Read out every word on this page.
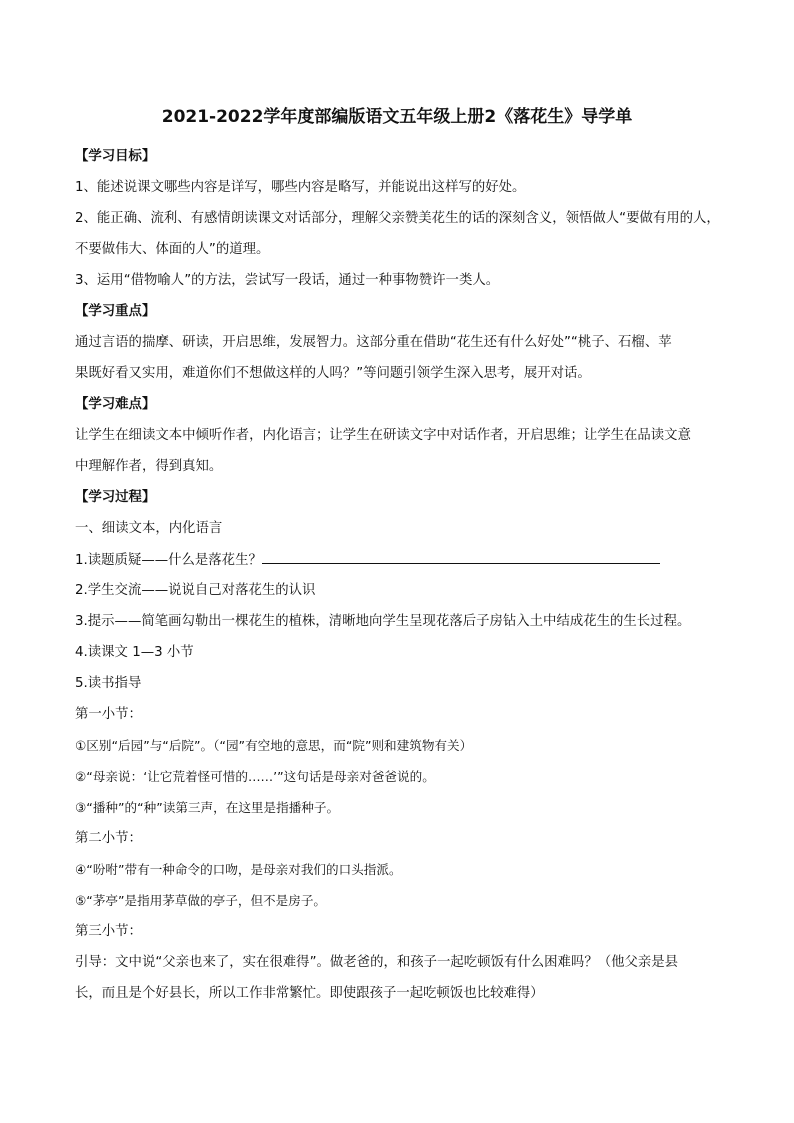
2021-2022学年度部编版语文五年级上册2《落花生》导学单
【学习目标】
1、能述说课文哪些内容是详写，哪些内容是略写，并能说出这样写的好处。
2、能正确、流利、有感情朗读课文对话部分，理解父亲赞美花生的话的深刻含义，领悟做人“要做有用的人，
不要做伟大、体面的人”的道理。
3、运用“借物喻人”的方法，尝试写一段话，通过一种事物赞许一类人。
【学习重点】
通过言语的揣摩、研读，开启思维，发展智力。这部分重在借助“花生还有什么好处”“桃子、石榴、苹
果既好看又实用，难道你们不想做这样的人吗？”等问题引领学生深入思考，展开对话。
【学习难点】
让学生在细读文本中倾听作者，内化语言；让学生在研读文字中对话作者，开启思维；让学生在品读文意
中理解作者，得到真知。
【学习过程】
一、细读文本，内化语言
1.读题质疑——什么是落花生？
2.学生交流——说说自己对落花生的认识
3.提示——简笔画勾勒出一棵花生的植株，清晰地向学生呈现花落后子房钻入土中结成花生的生长过程。
4.读课文 1—3 小节
5.读书指导
第一小节：
①区别“后园”与“后院”。（“园”有空地的意思，而“院”则和建筑物有关）
②“母亲说：‘让它荒着怪可惜的……’”这句话是母亲对爸爸说的。
③“播种”的“种”读第三声，在这里是指播种子。
第二小节：
④“吩咐”带有一种命令的口吻，是母亲对我们的口头指派。
⑤“茅亭”是指用茅草做的亭子，但不是房子。
第三小节：
引导：文中说“父亲也来了，实在很难得”。做老爸的，和孩子一起吃顿饭有什么困难吗？（他父亲是县
长，而且是个好县长，所以工作非常繁忙。即使跟孩子一起吃顿饭也比较难得）
